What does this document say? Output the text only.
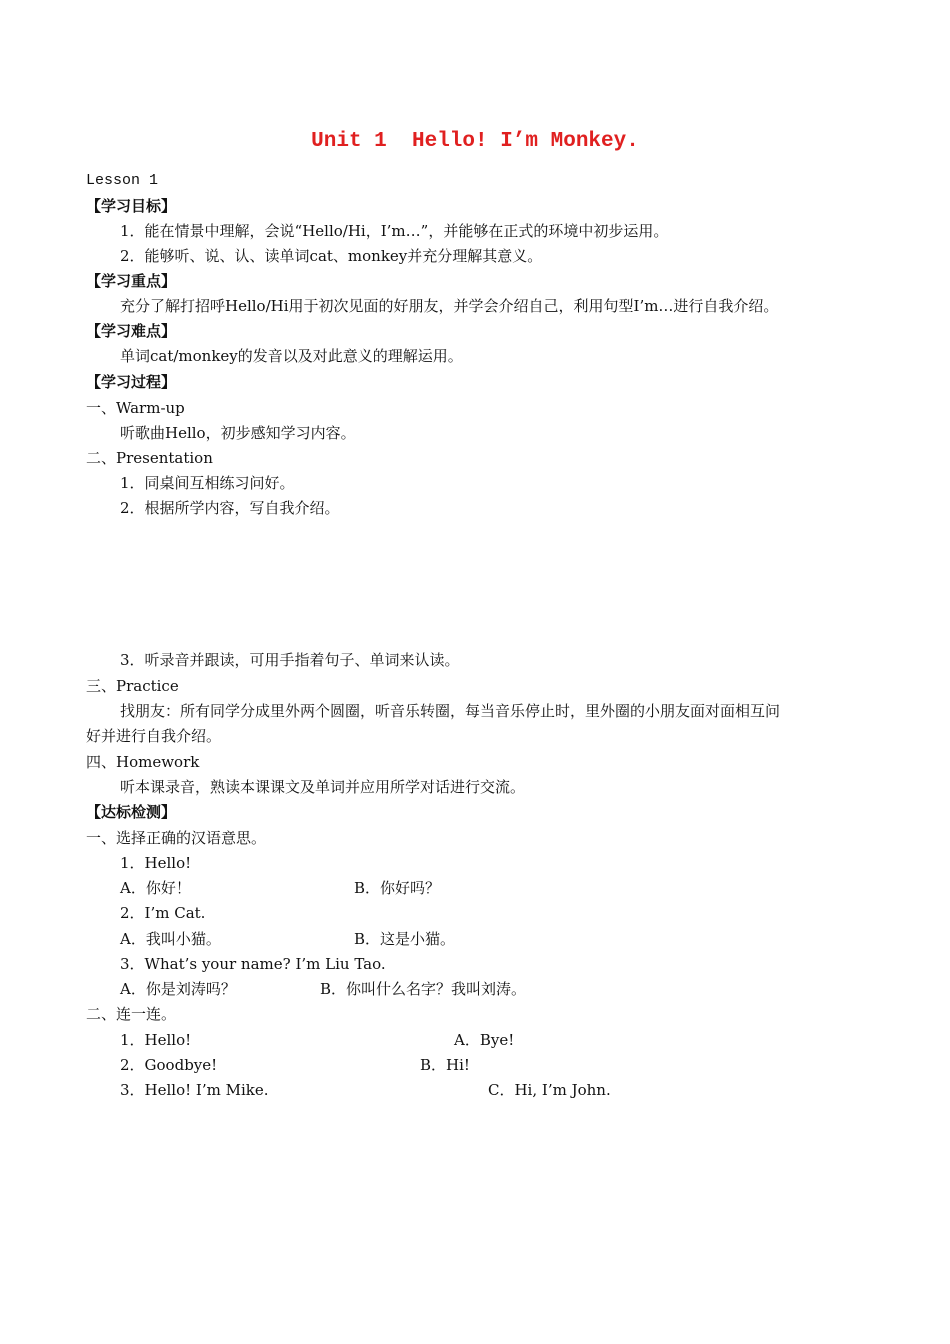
Unit 1  Hello! I’m Monkey.
Lesson 1
【学习目标】
1．能在情景中理解，会说“Hello/Hi，I’m…”，并能够在正式的环境中初步运用。
2．能够听、说、认、读单词cat、monkey并充分理解其意义。
【学习重点】
充分了解打招呼Hello/Hi用于初次见面的好朋友，并学会介绍自己，利用句型I’m…进行自我介绍。
【学习难点】
单词cat/monkey的发音以及对此意义的理解运用。
【学习过程】
一、Warm-up
听歌曲Hello，初步感知学习内容。
二、Presentation
1．同桌间互相练习问好。
2．根据所学内容，写自我介绍。
3．听录音并跟读，可用手指着句子、单词来认读。
三、Practice
找朋友：所有同学分成里外两个圆圈，听音乐转圈，每当音乐停止时，里外圈的小朋友面对面相互问
好并进行自我介绍。
四、Homework
听本课录音，熟读本课课文及单词并应用所学对话进行交流。
【达标检测】
一、选择正确的汉语意思。
1．Hello!
A．你好！	B．你好吗？
2．I’m Cat.
A．我叫小猫。	B．这是小猫。
3．What’s your name? I’m Liu Tao.
A．你是刘涛吗？	B．你叫什么名字？我叫刘涛。
二、连一连。
1．Hello!	A．Bye!
2．Goodbye!	B．Hi!
3．Hello! I’m Mike.	C．Hi, I’m John.
